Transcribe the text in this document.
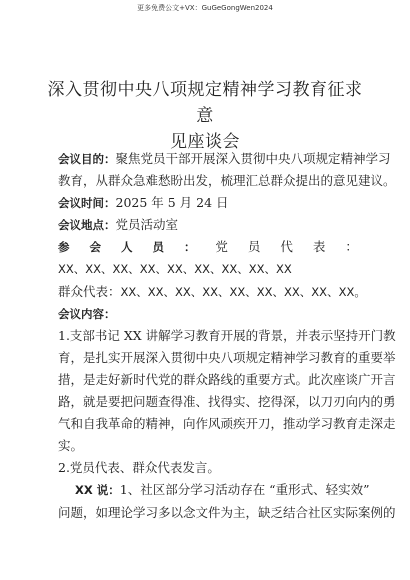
更多免费公文+VX：GuGeGongWen2024
深入贯彻中央八项规定精神学习教育征求意
见座谈会
会议目的：聚焦党员干部开展深入贯彻中央八项规定精神学习
教育，从群众急难愁盼出发，梳理汇总群众提出的意见建议。
会议时间：2025 年 5 月 24 日
会议地点：党员活动室
参 会 人 员 ： 党 员 代 表 ：
XX、XX、XX、XX、XX、XX、XX、XX、XX
群众代表：XX、XX、XX、XX、XX、XX、XX、XX、XX。
会议内容：
1.支部书记 XX 讲解学习教育开展的背景，并表示坚持开门教
育，是扎实开展深入贯彻中央八项规定精神学习教育的重要举
措，是走好新时代党的群众路线的重要方式。此次座谈广开言
路，就是要把问题查得准、找得实、挖得深，以刀刃向内的勇
气和自我革命的精神，向作风顽疾开刀，推动学习教育走深走
实。
2.党员代表、群众代表发言。
XX 说：1、社区部分学习活动存在 “重形式、轻实效”
问题，如理论学习多以念文件为主，缺乏结合社区实际案例的
